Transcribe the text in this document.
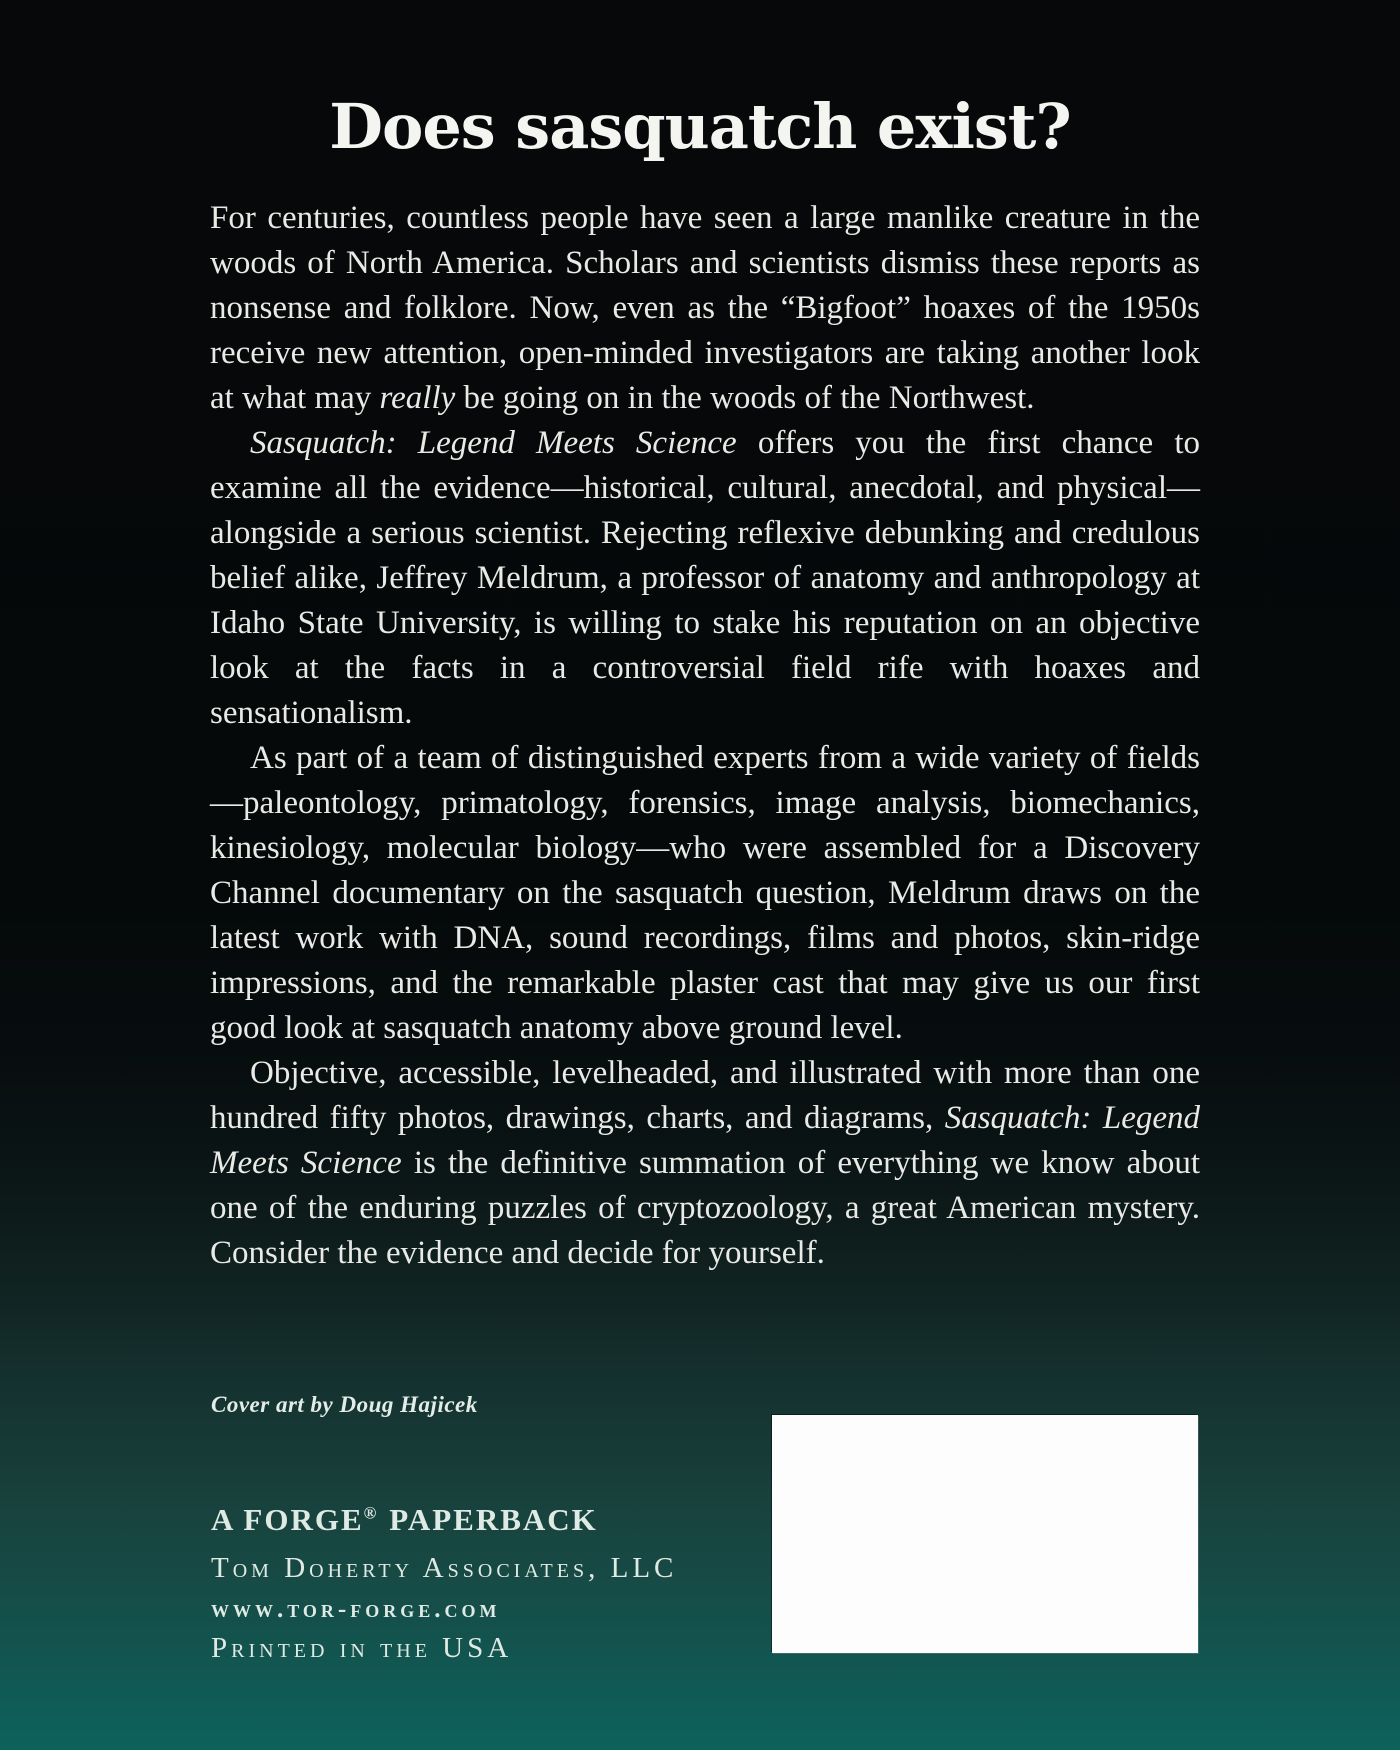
Does sasquatch exist?

For centuries, countless people have seen a large manlike creature in the woods of North America. Scholars and scientists dismiss these reports as nonsense and folklore. Now, even as the “Bigfoot” hoaxes of the 1950s receive new attention, open-minded investigators are taking another look at what may really be going on in the woods of the Northwest.

Sasquatch: Legend Meets Science offers you the first chance to examine all the evidence—historical, cultural, anecdotal, and physical—alongside a serious scientist. Rejecting reflexive debunking and credulous belief alike, Jeffrey Meldrum, a professor of anatomy and anthropology at Idaho State University, is willing to stake his reputation on an objective look at the facts in a controversial field rife with hoaxes and sensationalism.

As part of a team of distinguished experts from a wide variety of fields—paleontology, primatology, forensics, image analysis, biomechanics, kinesiology, molecular biology—who were assembled for a Discovery Channel documentary on the sasquatch question, Meldrum draws on the latest work with DNA, sound recordings, films and photos, skin-ridge impressions, and the remarkable plaster cast that may give us our first good look at sasquatch anatomy above ground level.

Objective, accessible, levelheaded, and illustrated with more than one hundred fifty photos, drawings, charts, and diagrams, Sasquatch: Legend Meets Science is the definitive summation of everything we know about one of the enduring puzzles of cryptozoology, a great American mystery. Consider the evidence and decide for yourself.

Cover art by Doug Hajicek
A FORGE® PAPERBACK
Tom Doherty Associates, LLC
www.tor-forge.com
Printed in the USA
